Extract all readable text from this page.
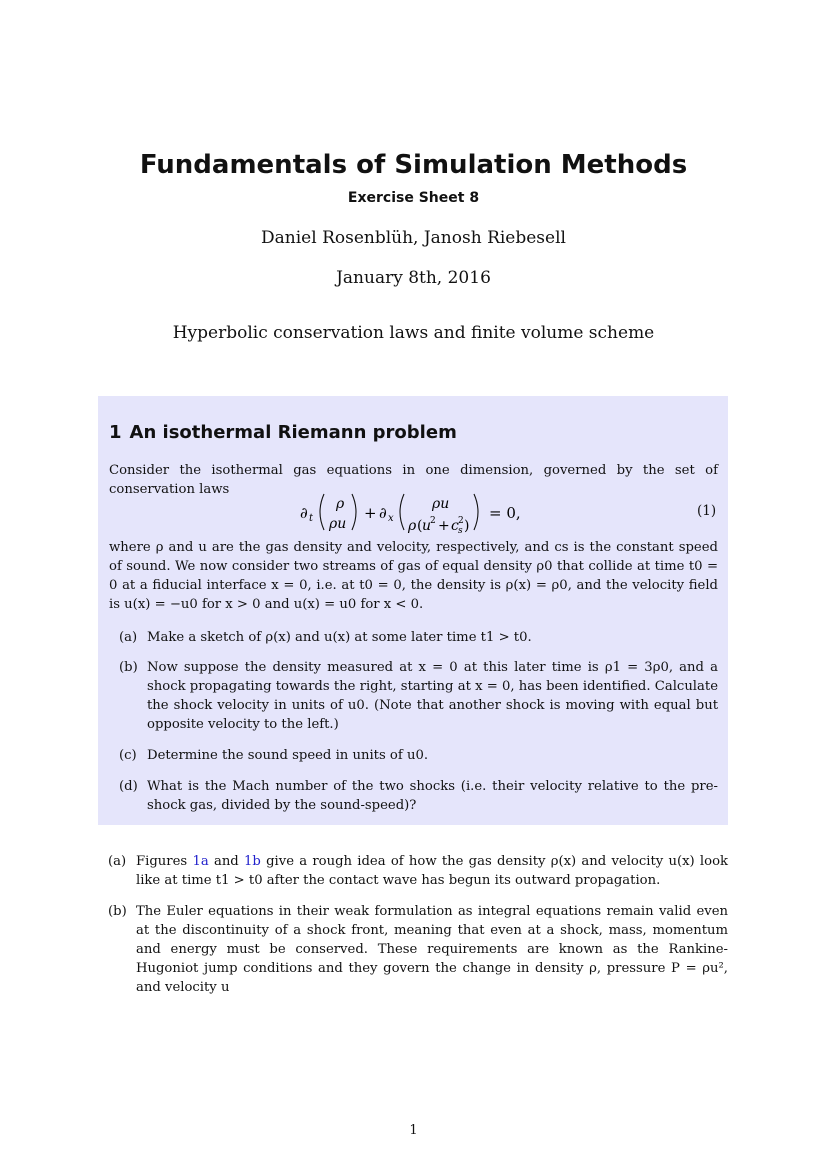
Fundamentals of Simulation Methods
Exercise Sheet 8
Daniel Rosenblüh, Janosh Riebesell
January 8th, 2016
Hyperbolic conservation laws and finite volume scheme
1 An isothermal Riemann problem
Consider the isothermal gas equations in one dimension, governed by the set of conservation laws
∂ t
ρ
ρu
+ ∂ x
ρu
ρ ( u
2 + c 2
s )
= 0,	(1)
where ρ and u are the gas density and velocity, respectively, and cs is the constant speed of sound. We now consider two streams of gas of equal density ρ0 that collide at time t0 = 0 at a fiducial interface x = 0, i.e. at t0 = 0, the density is ρ(x) = ρ0, and the velocity field is u(x) = −u0 for x > 0 and u(x) = u0 for x < 0.
(a) Make a sketch of ρ(x) and u(x) at some later time t1 > t0.
(b) Now suppose the density measured at x = 0 at this later time is ρ1 = 3ρ0, and a shock propagating towards the right, starting at x = 0, has been identified. Calculate the shock velocity in units of u0. (Note that another shock is moving with equal but opposite velocity to the left.)
(c) Determine the sound speed in units of u0.
(d) What is the Mach number of the two shocks (i.e. their velocity relative to the pre-shock gas, divided by the sound-speed)?
(a) Figures 1a and 1b give a rough idea of how the gas density ρ(x) and velocity u(x) look like at time t1 > t0 after the contact wave has begun its outward propagation.
(b) The Euler equations in their weak formulation as integral equations remain valid even at the discontinuity of a shock front, meaning that even at a shock, mass, momentum and energy must be conserved. These requirements are known as the Rankine-Hugoniot jump conditions and they govern the change in density ρ, pressure P = ρu², and velocity u
1
